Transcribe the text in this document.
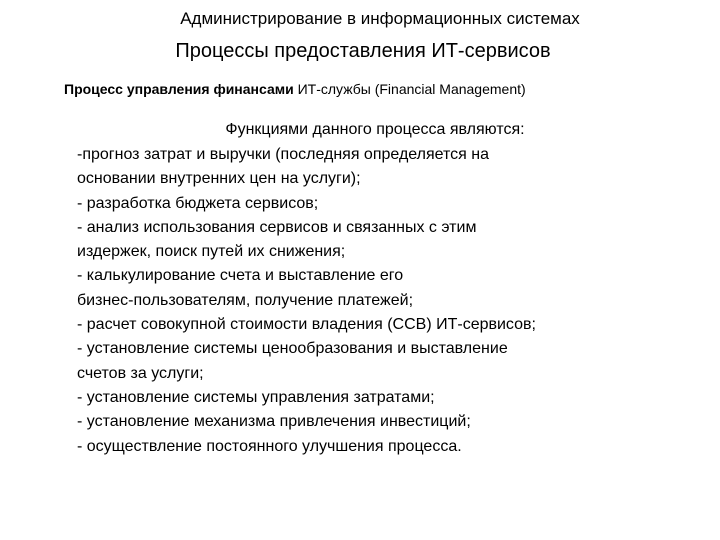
Администрирование в информационных системах
Процессы предоставления ИТ-сервисов
Процесс управления финансами ИТ-службы (Financial Management)
Функциями данного процесса являются:
-прогноз затрат и выручки (последняя определяется на
основании внутренних цен на услуги);
- разработка бюджета сервисов;
- анализ использования сервисов и связанных с этим
издержек, поиск путей их снижения;
- калькулирование счета и выставление его
бизнес-пользователям, получение платежей;
- расчет совокупной стоимости владения (ССВ) ИТ-сервисов;
- установление системы ценообразования и выставление
счетов за услуги;
- установление системы управления затратами;
- установление механизма привлечения инвестиций;
- осуществление постоянного улучшения процесса.
